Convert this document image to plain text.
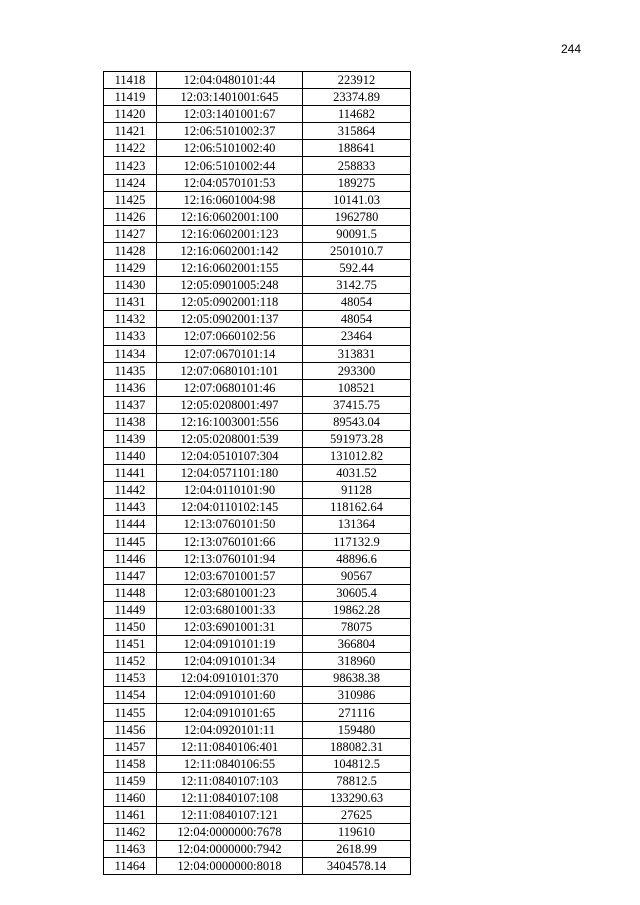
244
11418	12:04:0480101:44	223912
11419	12:03:1401001:645	23374.89
11420	12:03:1401001:67	114682
11421	12:06:5101002:37	315864
11422	12:06:5101002:40	188641
11423	12:06:5101002:44	258833
11424	12:04:0570101:53	189275
11425	12:16:0601004:98	10141.03
11426	12:16:0602001:100	1962780
11427	12:16:0602001:123	90091.5
11428	12:16:0602001:142	2501010.7
11429	12:16:0602001:155	592.44
11430	12:05:0901005:248	3142.75
11431	12:05:0902001:118	48054
11432	12:05:0902001:137	48054
11433	12:07:0660102:56	23464
11434	12:07:0670101:14	313831
11435	12:07:0680101:101	293300
11436	12:07:0680101:46	108521
11437	12:05:0208001:497	37415.75
11438	12:16:1003001:556	89543.04
11439	12:05:0208001:539	591973.28
11440	12:04:0510107:304	131012.82
11441	12:04:0571101:180	4031.52
11442	12:04:0110101:90	91128
11443	12:04:0110102:145	118162.64
11444	12:13:0760101:50	131364
11445	12:13:0760101:66	117132.9
11446	12:13:0760101:94	48896.6
11447	12:03:6701001:57	90567
11448	12:03:6801001:23	30605.4
11449	12:03:6801001:33	19862.28
11450	12:03:6901001:31	78075
11451	12:04:0910101:19	366804
11452	12:04:0910101:34	318960
11453	12:04:0910101:370	98638.38
11454	12:04:0910101:60	310986
11455	12:04:0910101:65	271116
11456	12:04:0920101:11	159480
11457	12:11:0840106:401	188082.31
11458	12:11:0840106:55	104812.5
11459	12:11:0840107:103	78812.5
11460	12:11:0840107:108	133290.63
11461	12:11:0840107:121	27625
11462	12:04:0000000:7678	119610
11463	12:04:0000000:7942	2618.99
11464	12:04:0000000:8018	3404578.14
